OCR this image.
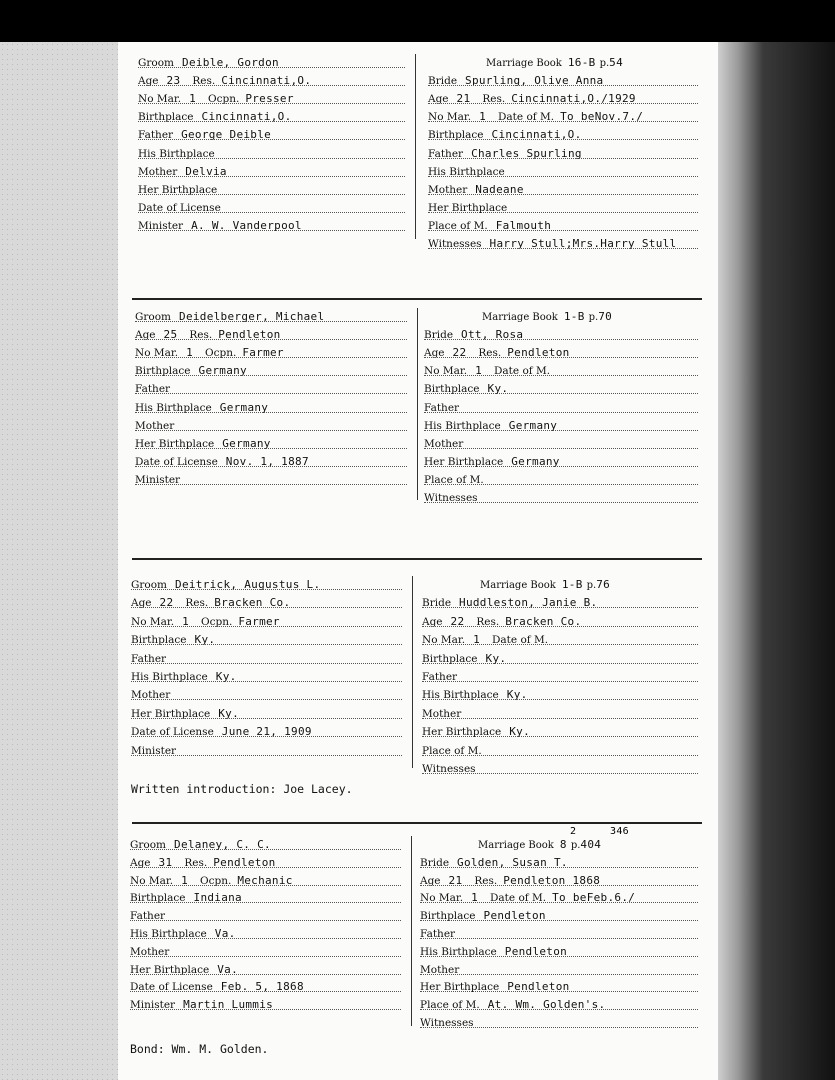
Groom Deible, Gordon
Age 23 Res. Cincinnati,O.
No Mar. 1 Ocpn. Presser
Birthplace Cincinnati,O.
Father George Deible
His Birthplace
Mother Delvia
Her Birthplace
Date of License
Minister A. W. Vanderpool
Marriage Book 16-B p.54
Bride Spurling, Olive Anna
Age 21 Res. Cincinnati,O./1929
No Mar. 1 Date of M. To beNov.7./
Birthplace Cincinnati,O.
Father Charles Spurling
His Birthplace
Mother Nadeane
Her Birthplace
Place of M. Falmouth
Witnesses Harry Stull;Mrs.Harry Stull
Groom Deidelberger, Michael
Age 25 Res. Pendleton
No Mar. 1 Ocpn. Farmer
Birthplace Germany
Father
His Birthplace Germany
Mother
Her Birthplace Germany
Date of License Nov. 1, 1887
Minister
Marriage Book 1-B p.70
Bride Ott, Rosa
Age 22 Res. Pendleton
No Mar. 1 Date of M.
Birthplace Ky.
Father
His Birthplace Germany
Mother
Her Birthplace Germany
Place of M.
Witnesses
Groom Deitrick, Augustus L.
Age 22 Res. Bracken Co.
No Mar. 1 Ocpn. Farmer
Birthplace Ky.
Father
His Birthplace Ky.
Mother
Her Birthplace Ky.
Date of License June 21, 1909
Minister
Marriage Book 1-B p.76
Bride Huddleston, Janie B.
Age 22 Res. Bracken Co.
No Mar. 1 Date of M.
Birthplace Ky.
Father
His Birthplace Ky.
Mother
Her Birthplace Ky.
Place of M.
Witnesses
Written introduction: Joe Lacey.
Groom Delaney, C. C.
Age 31 Res. Pendleton
No Mar. 1 Ocpn. Mechanic
Birthplace Indiana
Father
His Birthplace Va.
Mother
Her Birthplace Va.
Date of License Feb. 5, 1868
Minister Martin Lummis
Marriage Book 8 p.404
2	346
Bride Golden, Susan T.
Age 21 Res. Pendleton 1868
No Mar. 1 Date of M. To beFeb.6./
Birthplace Pendleton
Father
His Birthplace Pendleton
Mother
Her Birthplace Pendleton
Place of M. At. Wm. Golden's.
Witnesses
Bond: Wm. M. Golden.
